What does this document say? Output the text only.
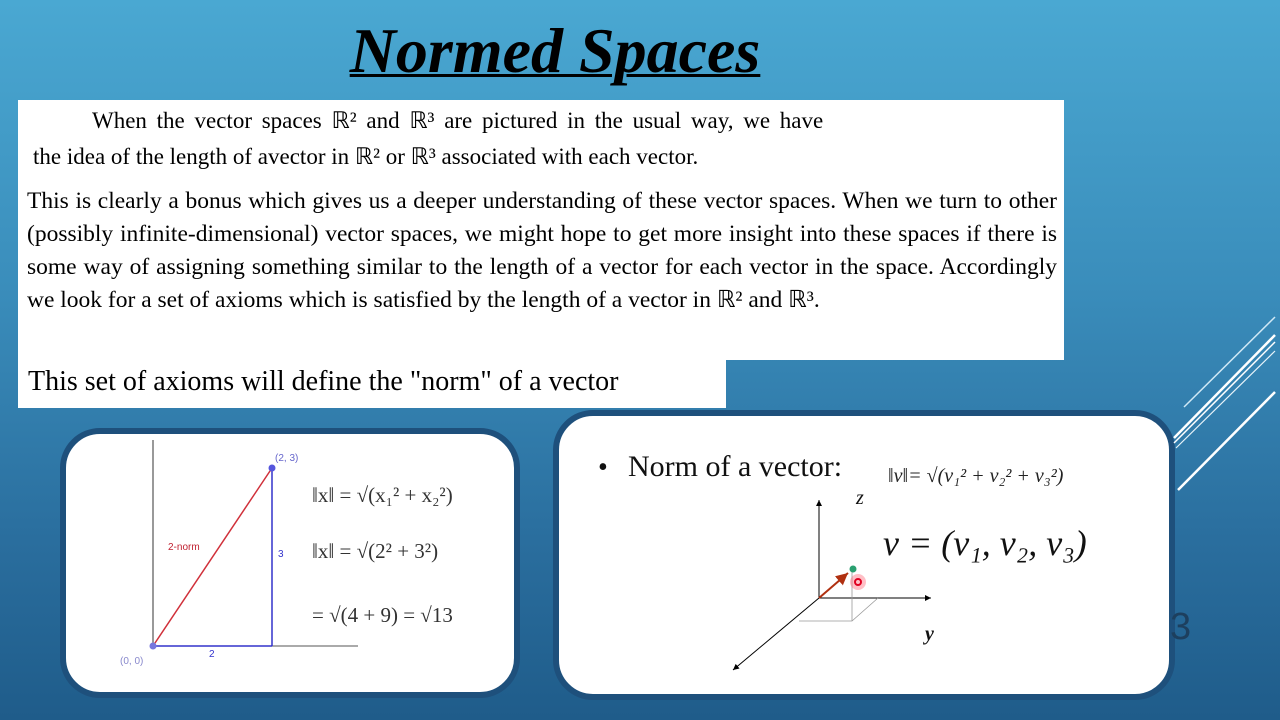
Normed Spaces
When the vector spaces ℝ² and ℝ³ are pictured in the usual way, we have
the idea of the length of avector in ℝ² or ℝ³ associated with each vector.
This is clearly a bonus which gives us a deeper understanding of these vector spaces. When we turn to other (possibly infinite-dimensional) vector spaces, we might hope to get more insight into these spaces if there is some way of assigning something similar to the length of a vector for each vector in the space. Accordingly we look for a set of axioms which is satisfied by the length of a vector in ℝ² and ℝ³.
This set of axioms will define the "norm" of a vector
(2, 3)
(0, 0)
2-norm
3
2
‖x‖ = √(x₁² + x₂²)
‖x‖ = √(2² + 3²)
= √(4 + 9) = √13
• Norm of a vector: ‖v‖= √(v₁² + v₂² + v₃²)
z
y
v = (v₁, v₂, v₃)
3
